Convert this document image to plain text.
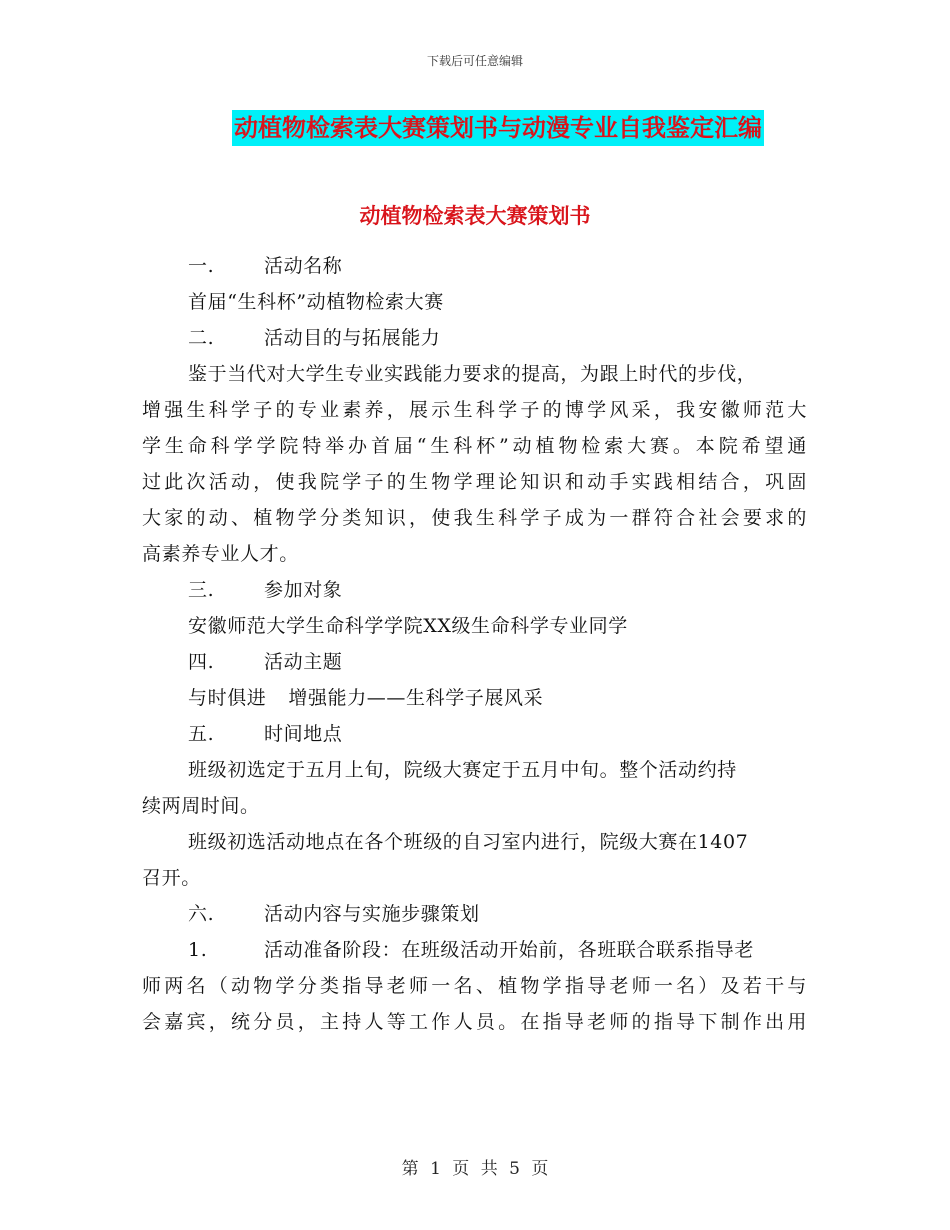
下载后可任意编辑
动植物检索表大赛策划书与动漫专业自我鉴定汇编
动植物检索表大赛策划书
一.	活动名称
首届“生科杯”动植物检索大赛
二.	活动目的与拓展能力
鉴于当代对大学生专业实践能力要求的提高，为跟上时代的步伐，
增强生科学子的专业素养，展示生科学子的博学风采，我安徽师范大
学生命科学学院特举办首届“生科杯”动植物检索大赛。本院希望通
过此次活动，使我院学子的生物学理论知识和动手实践相结合，巩固
大家的动、植物学分类知识，使我生科学子成为一群符合社会要求的
高素养专业人才。
三.	参加对象
安徽师范大学生命科学学院XX级生命科学专业同学
四.	活动主题
与时俱进 增强能力——生科学子展风采
五.	时间地点
班级初选定于五月上旬，院级大赛定于五月中旬。整个活动约持
续两周时间。
班级初选活动地点在各个班级的自习室内进行，院级大赛在1407
召开。
六.	活动内容与实施步骤策划
1.	活动准备阶段：在班级活动开始前，各班联合联系指导老
师两名（动物学分类指导老师一名、植物学指导老师一名）及若干与
会嘉宾，统分员，主持人等工作人员。在指导老师的指导下制作出用
第 1 页 共 5 页
